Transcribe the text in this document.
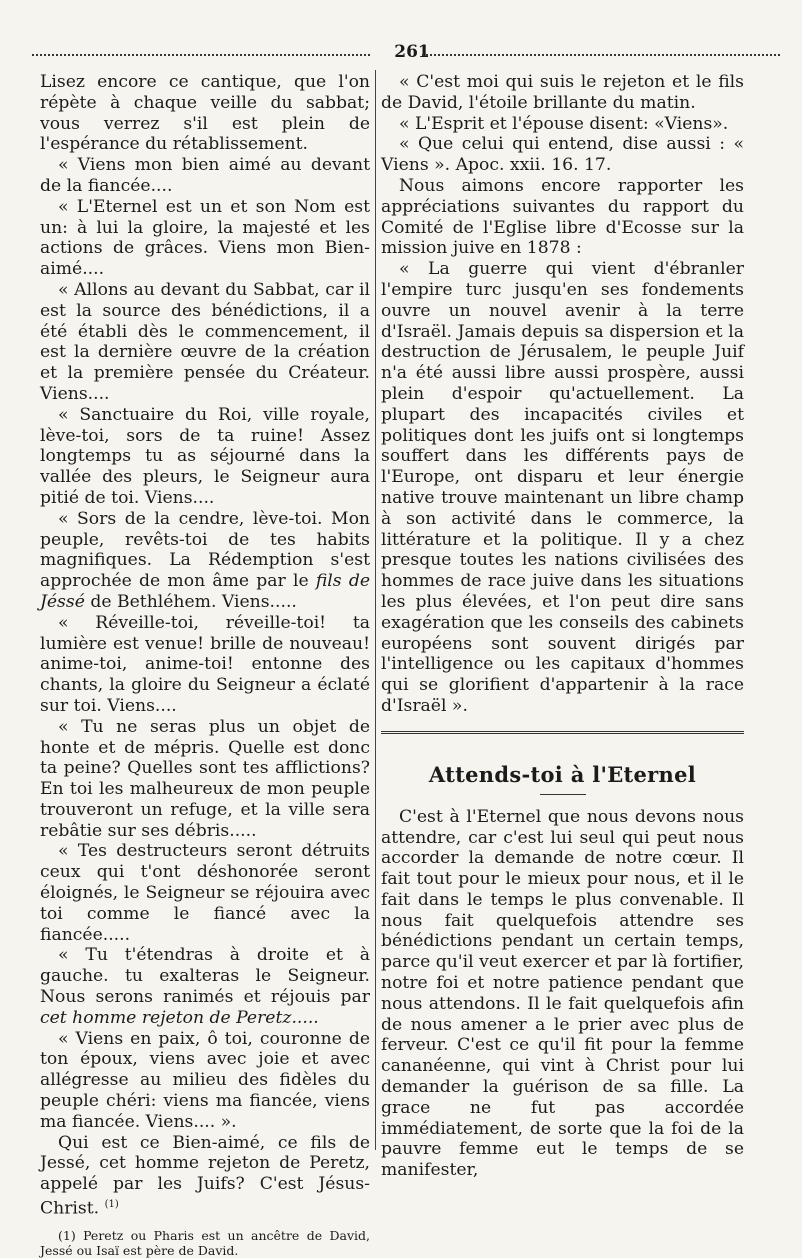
261

Lisez encore ce cantique, que l'on répète à chaque veille du sabbat; vous verrez s'il est plein de l'espérance du rétablissement.

« Viens mon bien aimé au devant de la fiancée....

« L'Eternel est un et son Nom est un: à lui la gloire, la majesté et les actions de grâces. Viens mon Bien-aimé....

« Allons au devant du Sabbat, car il est la source des bénédictions, il a été établi dès le commencement, il est la dernière œuvre de la création et la première pensée du Créateur. Viens....

« Sanctuaire du Roi, ville royale, lève-toi, sors de ta ruine! Assez longtemps tu as séjourné dans la vallée des pleurs, le Seigneur aura pitié de toi. Viens....

« Sors de la cendre, lève-toi. Mon peuple, revêts-toi de tes habits magnifiques. La Rédemption s'est approchée de mon âme par le fils de Jéssé de Bethléhem. Viens.....

« Réveille-toi, réveille-toi! ta lumière est venue! brille de nouveau! anime-toi, anime-toi! entonne des chants, la gloire du Seigneur a éclaté sur toi. Viens....

« Tu ne seras plus un objet de honte et de mépris. Quelle est donc ta peine? Quelles sont tes afflictions? En toi les malheureux de mon peuple trouveront un refuge, et la ville sera rebâtie sur ses débris.....

« Tes destructeurs seront détruits ceux qui t'ont déshonorée seront éloignés, le Seigneur se réjouira avec toi comme le fiancé avec la fiancée.....

« Tu t'étendras à droite et à gauche. tu exalteras le Seigneur. Nous serons ranimés et réjouis par cet homme rejeton de Peretz.....

« Viens en paix, ô toi, couronne de ton époux, viens avec joie et avec allégresse au milieu des fidèles du peuple chéri: viens ma fiancée, viens ma fiancée. Viens.... ».

Qui est ce Bien-aimé, ce fils de Jessé, cet homme rejeton de Peretz, appelé par les Juifs? C'est Jésus-Christ. $^{(1)}$

(1) Peretz ou Pharis est un ancêtre de David, Jessé ou Isaï est père de David.

« C'est moi qui suis le rejeton et le fils de David, l'étoile brillante du matin.

« L'Esprit et l'épouse disent: «Viens».

« Que celui qui entend, dise aussi : « Viens ». Apoc. xxii. 16. 17.

Nous aimons encore rapporter les appréciations suivantes du rapport du Comité de l'Eglise libre d'Ecosse sur la mission juive en 1878 :

« La guerre qui vient d'ébranler l'empire turc jusqu'en ses fondements ouvre un nouvel avenir à la terre d'Israël. Jamais depuis sa dispersion et la destruction de Jérusalem, le peuple Juif n'a été aussi libre aussi prospère, aussi plein d'espoir qu'actuellement. La plupart des incapacités civiles et politiques dont les juifs ont si longtemps souffert dans les différents pays de l'Europe, ont disparu et leur énergie native trouve maintenant un libre champ à son activité dans le commerce, la littérature et la politique. Il y a chez presque toutes les nations civilisées des hommes de race juive dans les situations les plus élevées, et l'on peut dire sans exagération que les conseils des cabinets européens sont souvent dirigés par l'intelligence ou les capitaux d'hommes qui se glorifient d'appartenir à la race d'Israël ».

Attends-toi à l'Eternel

C'est à l'Eternel que nous devons nous attendre, car c'est lui seul qui peut nous accorder la demande de notre cœur. Il fait tout pour le mieux pour nous, et il le fait dans le temps le plus convenable. Il nous fait quelquefois attendre ses bénédictions pendant un certain temps, parce qu'il veut exercer et par là fortifier, notre foi et notre patience pendant que nous attendons. Il le fait quelquefois afin de nous amener a le prier avec plus de ferveur. C'est ce qu'il fit pour la femme cananéenne, qui vint à Christ pour lui demander la guérison de sa fille. La grace ne fut pas accordée immédiatement, de sorte que la foi de la pauvre femme eut le temps de se manifester,
